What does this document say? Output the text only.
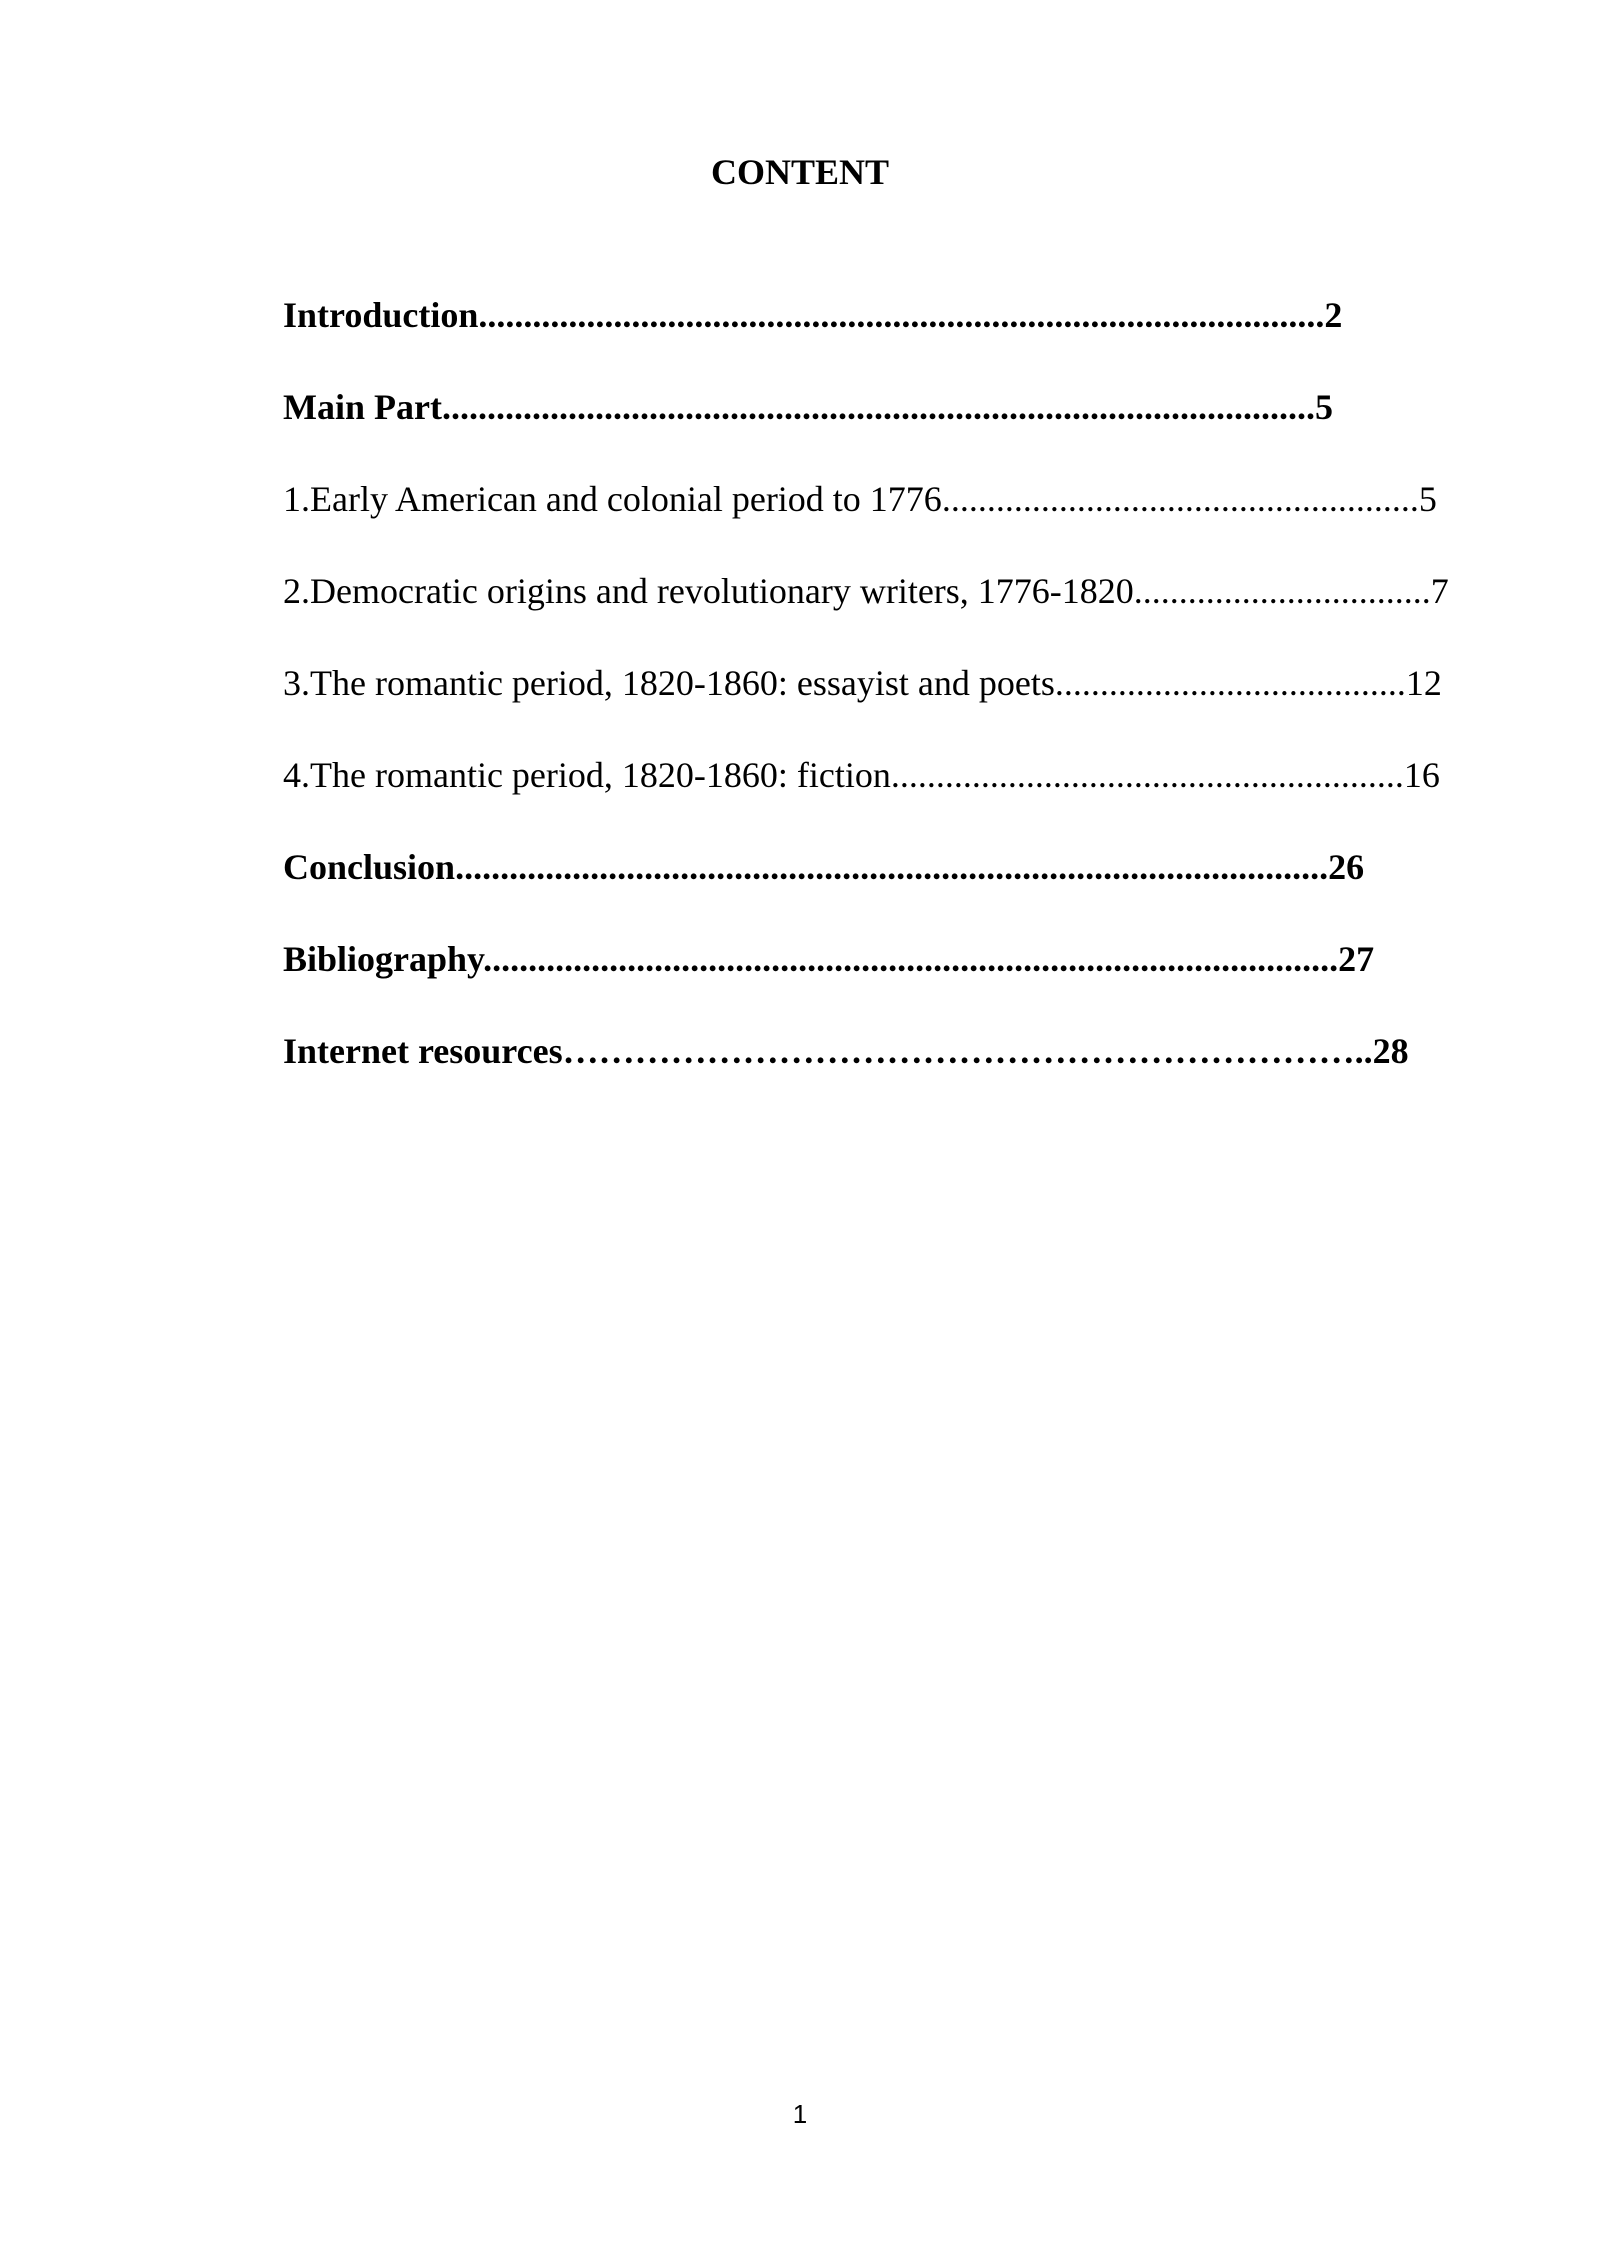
CONTENT

Introduction..............................................................................................2

Main Part.................................................................................................5

1.Early American and colonial period to 1776.....................................................5

2.Democratic origins and revolutionary writers, 1776-1820.................................7

3.The romantic period, 1820-1860: essayist and poets.......................................12

4.The romantic period, 1820-1860: fiction.........................................................16

Conclusion.................................................................................................26

Bibliography...............................................................................................27

Internet resources…………………………………………………………..28

1
